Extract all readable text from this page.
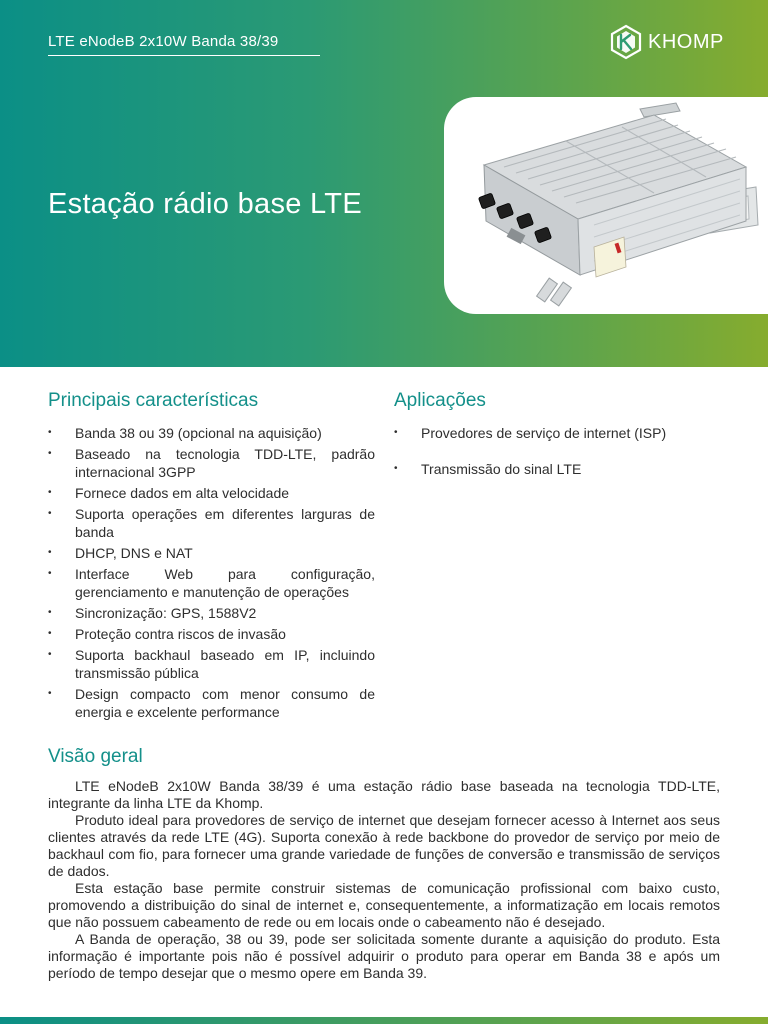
LTE eNodeB 2x10W Banda 38/39	KHOMP
Estação rádio base LTE
Principais características
• Banda 38 ou 39 (opcional na aquisição)
• Baseado na tecnologia TDD-LTE, padrão internacional 3GPP
• Fornece dados em alta velocidade
• Suporta operações em diferentes larguras de banda
• DHCP, DNS e NAT
• Interface Web para configuração, gerenciamento e manutenção de operações
• Sincronização: GPS, 1588V2
• Proteção contra riscos de invasão
• Suporta backhaul baseado em IP, incluindo transmissão pública
• Design compacto com menor consumo de energia e excelente performance
Aplicações
• Provedores de serviço de internet (ISP)
• Transmissão do sinal LTE
Visão geral

LTE eNodeB 2x10W Banda 38/39 é uma estação rádio base baseada na tecnologia TDD-LTE, integrante da linha LTE da Khomp.

Produto ideal para provedores de serviço de internet que desejam fornecer acesso à Internet aos seus clientes através da rede LTE (4G). Suporta conexão à rede backbone do provedor de serviço por meio de backhaul com fio, para fornecer uma grande variedade de funções de conversão e transmissão de serviços de dados.

Esta estação base permite construir sistemas de comunicação profissional com baixo custo, promovendo a distribuição do sinal de internet e, consequentemente, a informatização em locais remotos que não possuem cabeamento de rede ou em locais onde o cabeamento não é desejado.

A Banda de operação, 38 ou 39, pode ser solicitada somente durante a aquisição do produto. Esta informação é importante pois não é possível adquirir o produto para operar em Banda 38 e após um período de tempo desejar que o mesmo opere em Banda 39.
